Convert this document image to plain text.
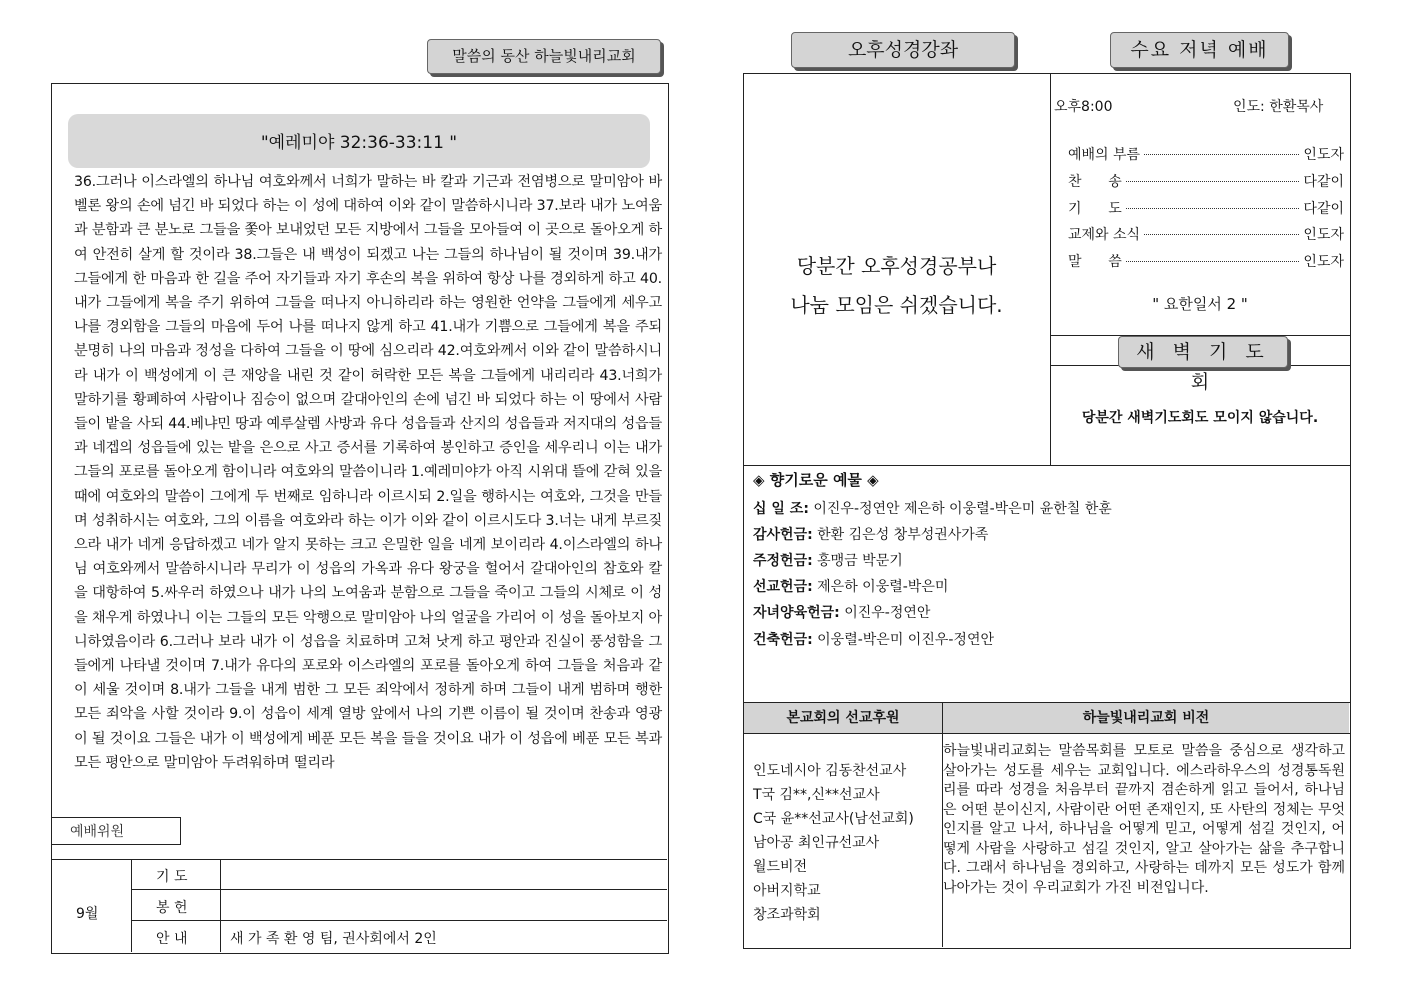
말씀의 동산 하늘빛내리교회
"예레미야 32:36-33:11 "
36.그러나 이스라엘의 하나님 여호와께서 너희가 말하는 바 칼과 기근과 전염병으로 말미암아 바벨론 왕의 손에 넘긴 바 되었다 하는 이 성에 대하여 이와 같이 말씀하시니라 37.보라 내가 노여움과 분함과 큰 분노로 그들을 쫓아 보내었던 모든 지방에서 그들을 모아들여 이 곳으로 돌아오게 하여 안전히 살게 할 것이라 38.그들은 내 백성이 되겠고 나는 그들의 하나님이 될 것이며 39.내가 그들에게 한 마음과 한 길을 주어 자기들과 자기 후손의 복을 위하여 항상 나를 경외하게 하고 40.내가 그들에게 복을 주기 위하여 그들을 떠나지 아니하리라 하는 영원한 언약을 그들에게 세우고 나를 경외함을 그들의 마음에 두어 나를 떠나지 않게 하고 41.내가 기쁨으로 그들에게 복을 주되 분명히 나의 마음과 정성을 다하여 그들을 이 땅에 심으리라 42.여호와께서 이와 같이 말씀하시니라 내가 이 백성에게 이 큰 재앙을 내린 것 같이 허락한 모든 복을 그들에게 내리리라 43.너희가 말하기를 황폐하여 사람이나 짐승이 없으며 갈대아인의 손에 넘긴 바 되었다 하는 이 땅에서 사람들이 밭을 사되 44.베냐민 땅과 예루살렘 사방과 유다 성읍들과 산지의 성읍들과 저지대의 성읍들과 네겝의 성읍들에 있는 밭을 은으로 사고 증서를 기록하여 봉인하고 증인을 세우리니 이는 내가 그들의 포로를 돌아오게 함이니라 여호와의 말씀이니라 1.예레미야가 아직 시위대 뜰에 갇혀 있을 때에 여호와의 말씀이 그에게 두 번째로 임하니라 이르시되 2.일을 행하시는 여호와, 그것을 만들며 성취하시는 여호와, 그의 이름을 여호와라 하는 이가 이와 같이 이르시도다 3.너는 내게 부르짖으라 내가 네게 응답하겠고 네가 알지 못하는 크고 은밀한 일을 네게 보이리라 4.이스라엘의 하나님 여호와께서 말씀하시니라 무리가 이 성읍의 가옥과 유다 왕궁을 헐어서 갈대아인의 참호와 칼을 대항하여 5.싸우러 하였으나 내가 나의 노여움과 분함으로 그들을 죽이고 그들의 시체로 이 성을 채우게 하였나니 이는 그들의 모든 악행으로 말미암아 나의 얼굴을 가리어 이 성을 돌아보지 아니하였음이라 6.그러나 보라 내가 이 성읍을 치료하며 고쳐 낫게 하고 평안과 진실이 풍성함을 그들에게 나타낼 것이며 7.내가 유다의 포로와 이스라엘의 포로를 돌아오게 하여 그들을 처음과 같이 세울 것이며 8.내가 그들을 내게 범한 그 모든 죄악에서 정하게 하며 그들이 내게 범하며 행한 모든 죄악을 사할 것이라 9.이 성읍이 세계 열방 앞에서 나의 기쁜 이름이 될 것이며 찬송과 영광이 될 것이요 그들은 내가 이 백성에게 베푼 모든 복을 들을 것이요 내가 이 성읍에 베푼 모든 복과 모든 평안으로 말미암아 두려워하며 떨리라
예배위원
9월
기 도
봉 헌
안 내	새 가 족 환 영 팀, 권사회에서 2인
오후성경강좌	수요 저녁 예배
당분간 오후성경공부나
나눔 모임은 쉬겠습니다.
오후8:00	인도: 한환목사
예배의 부름	인도자
찬      송	다같이
기      도	다같이
교제와 소식	인도자
말      씀	인도자
" 요한일서 2 "
새 벽 기 도 회
당분간 새벽기도회도 모이지 않습니다.
◈ 향기로운 예물 ◈
십 일 조: 이진우-정연안 제은하 이웅렬-박은미 윤한칠 한훈
감사헌금: 한환 김은성 창부성권사가족
주정헌금: 홍맹금 박문기
선교헌금: 제은하 이웅렬-박은미
자녀양육헌금: 이진우-정연안
건축헌금: 이웅렬-박은미 이진우-정연안
본교회의 선교후원	하늘빛내리교회 비전
인도네시아 김동찬선교사
T국 김**,신**선교사
C국 윤**선교사(남선교회)
남아공 최인규선교사
월드비전
아버지학교
창조과학회
하늘빛내리교회는 말씀목회를 모토로 말씀을 중심으로 생각하고 살아가는 성도를 세우는 교회입니다. 에스라하우스의 성경통독원리를 따라 성경을 처음부터 끝까지 겸손하게 읽고 들어서, 하나님은 어떤 분이신지, 사람이란 어떤 존재인지, 또 사탄의 정체는 무엇인지를 알고 나서, 하나님을 어떻게 믿고, 어떻게 섬길 것인지, 어떻게 사람을 사랑하고 섬길 것인지, 알고 살아가는 삶을 추구합니다. 그래서 하나님을 경외하고, 사랑하는 데까지 모든 성도가 함께 나아가는 것이 우리교회가 가진 비전입니다.
